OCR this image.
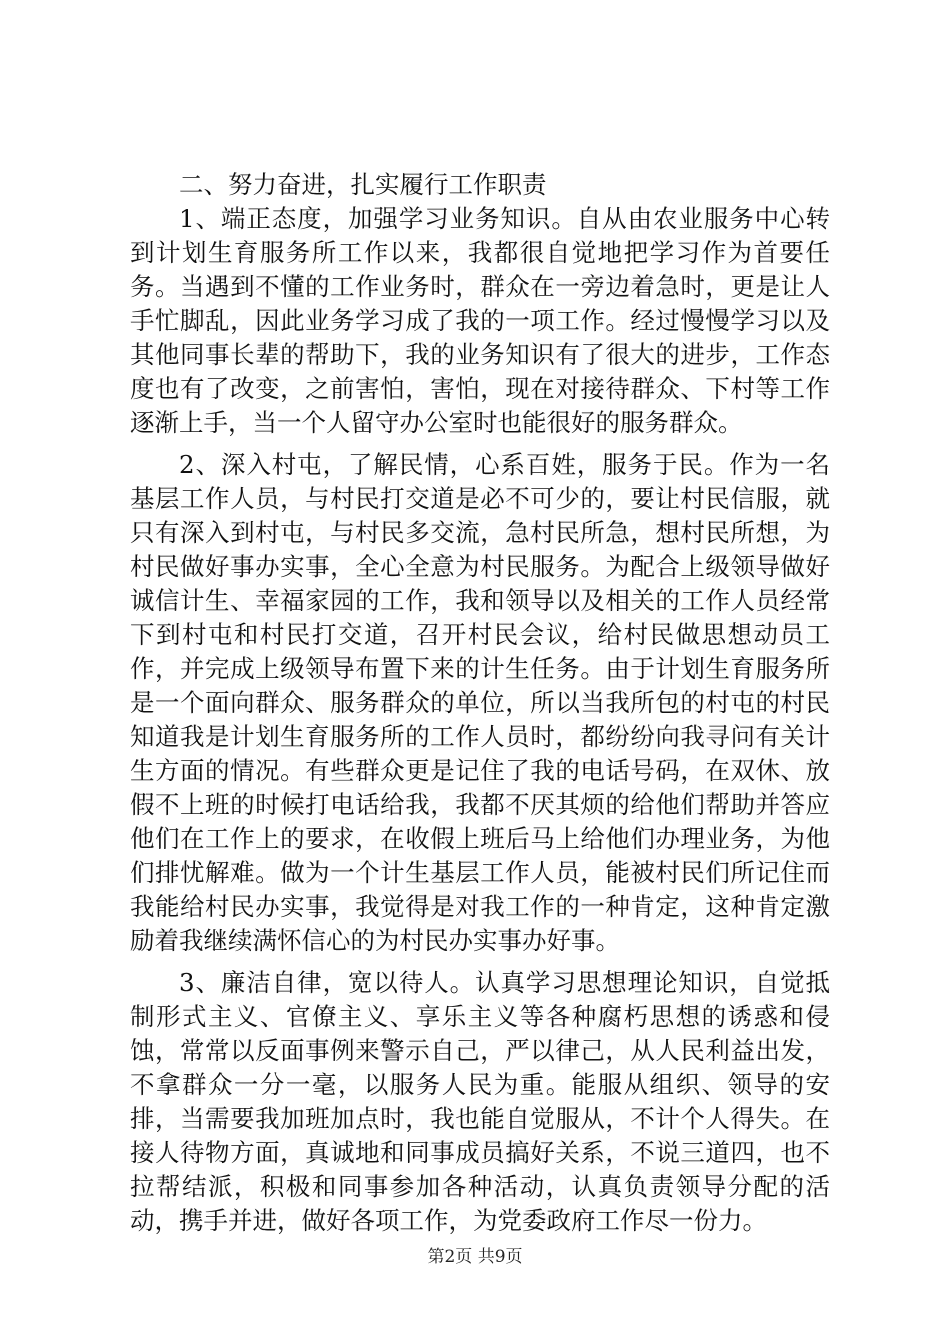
二、努力奋进，扎实履行工作职责

1、端正态度，加强学习业务知识。自从由农业服务中心转到计划生育服务所工作以来，我都很自觉地把学习作为首要任务。当遇到不懂的工作业务时，群众在一旁边着急时，更是让人手忙脚乱，因此业务学习成了我的一项工作。经过慢慢学习以及其他同事长辈的帮助下，我的业务知识有了很大的进步，工作态度也有了改变，之前害怕，害怕，现在对接待群众、下村等工作逐渐上手，当一个人留守办公室时也能很好的服务群众。

2、深入村屯，了解民情，心系百姓，服务于民。作为一名基层工作人员，与村民打交道是必不可少的，要让村民信服，就只有深入到村屯，与村民多交流，急村民所急，想村民所想，为村民做好事办实事，全心全意为村民服务。为配合上级领导做好诚信计生、幸福家园的工作，我和领导以及相关的工作人员经常下到村屯和村民打交道，召开村民会议，给村民做思想动员工作，并完成上级领导布置下来的计生任务。由于计划生育服务所是一个面向群众、服务群众的单位，所以当我所包的村屯的村民知道我是计划生育服务所的工作人员时，都纷纷向我寻问有关计生方面的情况。有些群众更是记住了我的电话号码，在双休、放假不上班的时候打电话给我，我都不厌其烦的给他们帮助并答应他们在工作上的要求，在收假上班后马上给他们办理业务，为他们排忧解难。做为一个计生基层工作人员，能被村民们所记住而我能给村民办实事，我觉得是对我工作的一种肯定，这种肯定激励着我继续满怀信心的为村民办实事办好事。

3、廉洁自律，宽以待人。认真学习思想理论知识，自觉抵制形式主义、官僚主义、享乐主义等各种腐朽思想的诱惑和侵蚀，常常以反面事例来警示自己，严以律己，从人民利益出发，不拿群众一分一毫，以服务人民为重。能服从组织、领导的安排，当需要我加班加点时，我也能自觉服从，不计个人得失。在接人待物方面，真诚地和同事成员搞好关系，不说三道四，也不拉帮结派，积极和同事参加各种活动，认真负责领导分配的活动，携手并进，做好各项工作，为党委政府工作尽一份力。

第2页 共9页
